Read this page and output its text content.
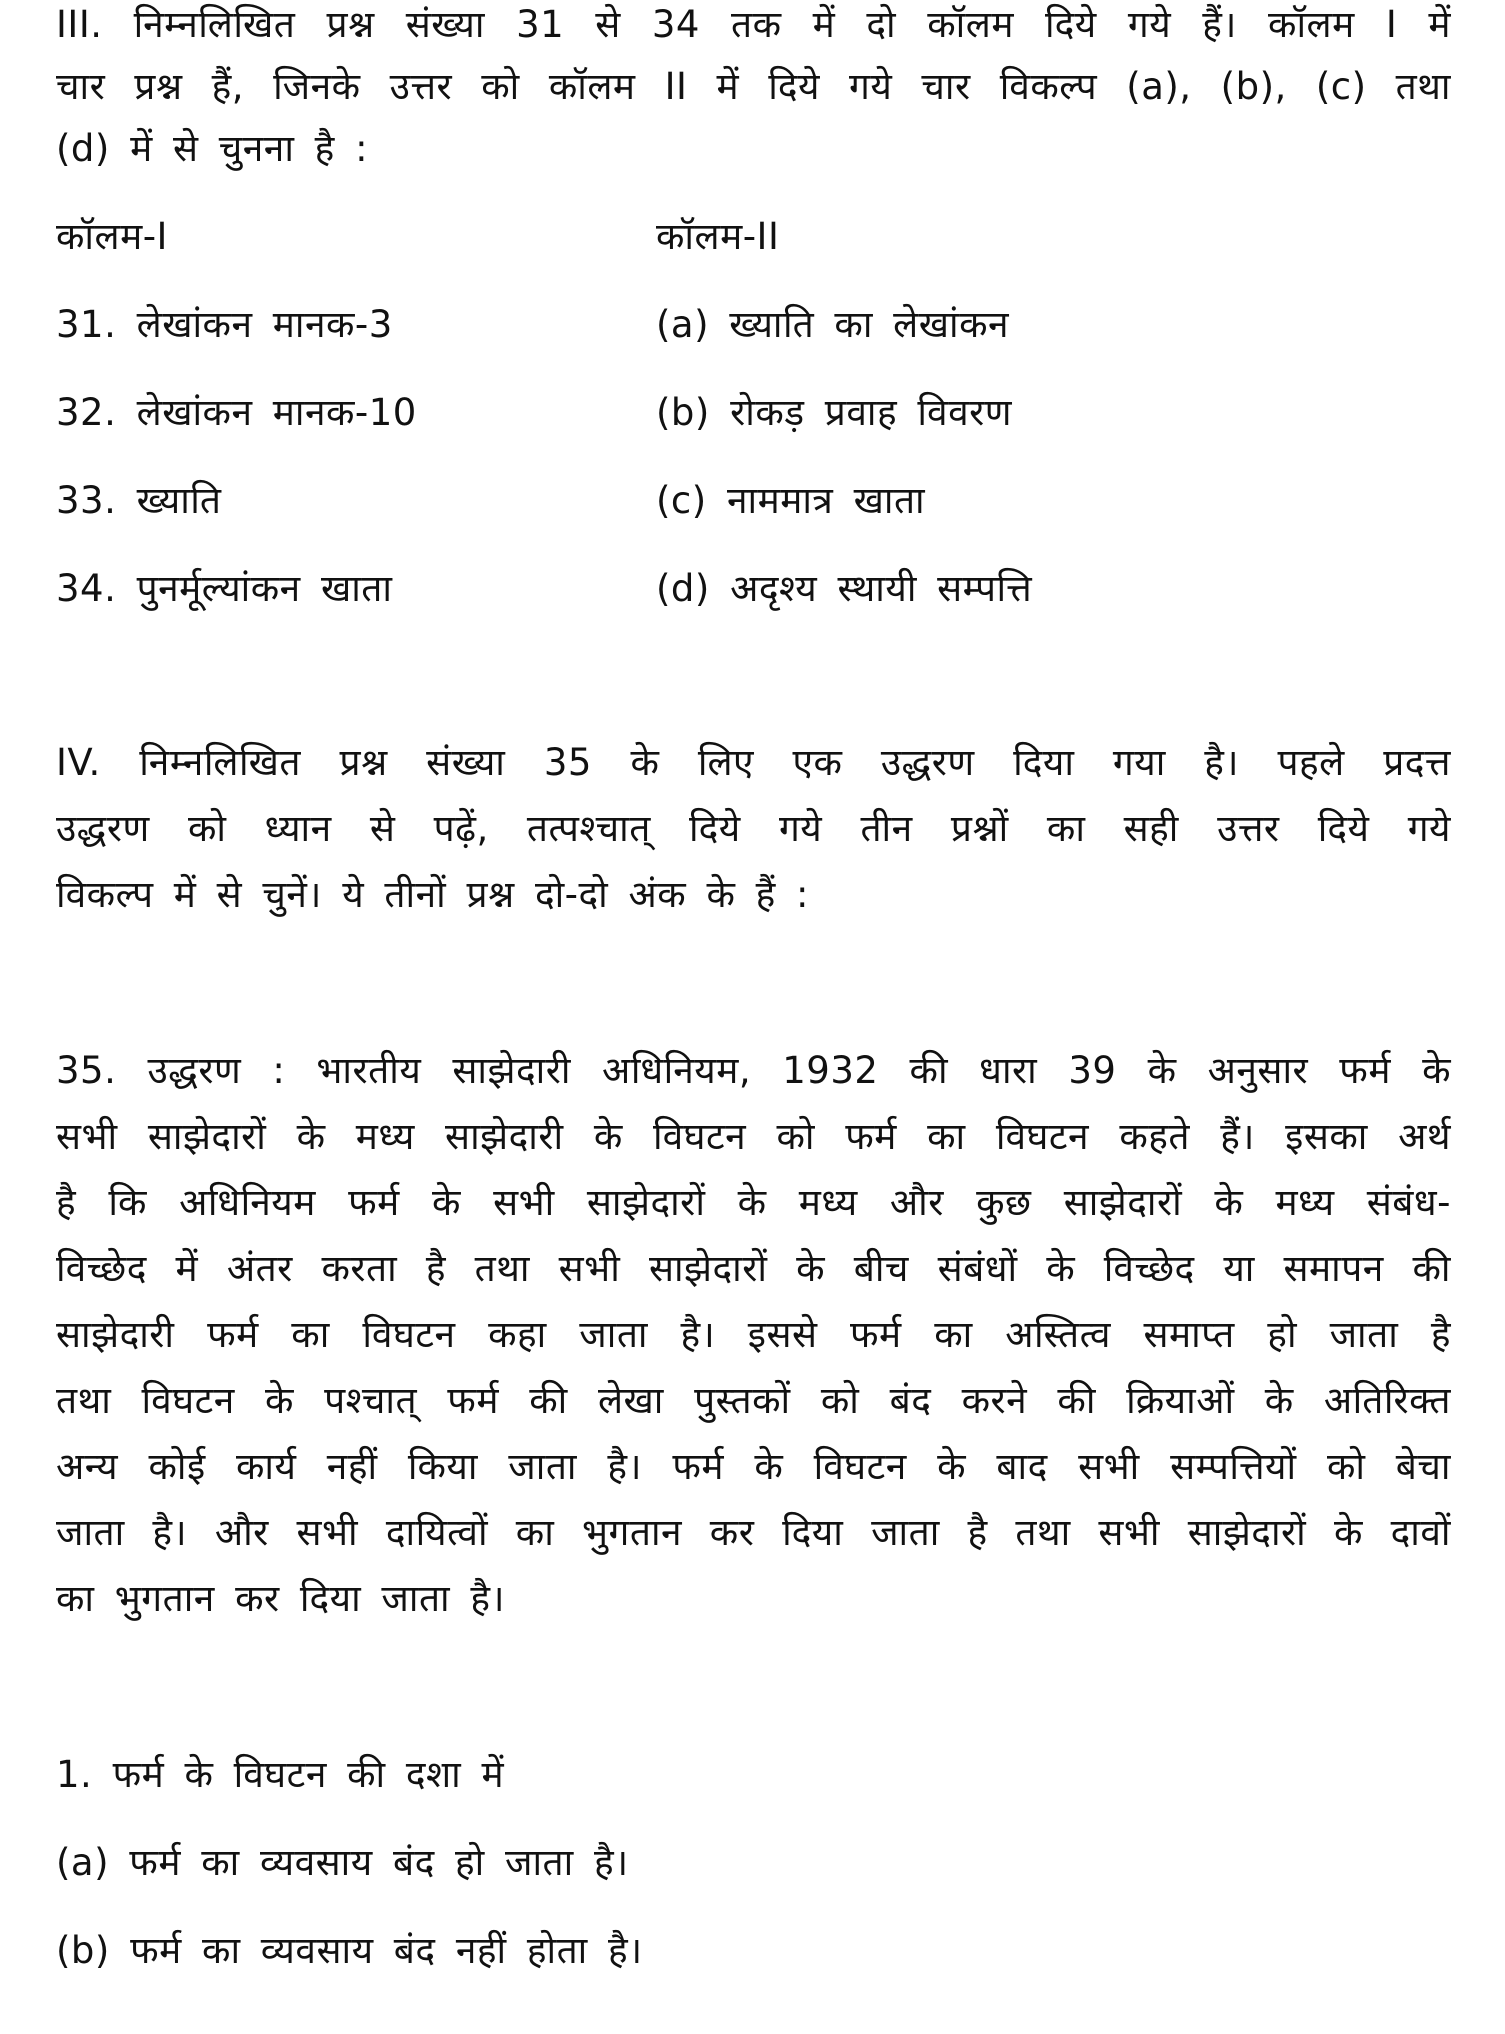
III. निम्नलिखित प्रश्न संख्या 31 से 34 तक में दो कॉलम दिये गये हैं। कॉलम I में
चार प्रश्न हैं, जिनके उत्तर को कॉलम II में दिये गये चार विकल्प (a), (b), (c) तथा
(d) में से चुनना है :
कॉलम-I	कॉलम-II
31. लेखांकन मानक-3	(a) ख्याति का लेखांकन
32. लेखांकन मानक-10	(b) रोकड़ प्रवाह विवरण
33. ख्याति	(c) नाममात्र खाता
34. पुनर्मूल्यांकन खाता	(d) अदृश्य स्थायी सम्पत्ति
IV. निम्नलिखित प्रश्न संख्या 35 के लिए एक उद्धरण दिया गया है। पहले प्रदत्त
उद्धरण को ध्यान से पढ़ें, तत्पश्चात् दिये गये तीन प्रश्नों का सही उत्तर दिये गये
विकल्प में से चुनें। ये तीनों प्रश्न दो-दो अंक के हैं :
35. उद्धरण : भारतीय साझेदारी अधिनियम, 1932 की धारा 39 के अनुसार फर्म के
सभी साझेदारों के मध्य साझेदारी के विघटन को फर्म का विघटन कहते हैं। इसका अर्थ
है कि अधिनियम फर्म के सभी साझेदारों के मध्य और कुछ साझेदारों के मध्य संबंध-
विच्छेद में अंतर करता है तथा सभी साझेदारों के बीच संबंधों के विच्छेद या समापन की
साझेदारी फर्म का विघटन कहा जाता है। इससे फर्म का अस्तित्व समाप्त हो जाता है
तथा विघटन के पश्चात् फर्म की लेखा पुस्तकों को बंद करने की क्रियाओं के अतिरिक्त
अन्य कोई कार्य नहीं किया जाता है। फर्म के विघटन के बाद सभी सम्पत्तियों को बेचा
जाता है। और सभी दायित्वों का भुगतान कर दिया जाता है तथा सभी साझेदारों के दावों
का भुगतान कर दिया जाता है।
1. फर्म के विघटन की दशा में
(a) फर्म का व्यवसाय बंद हो जाता है।
(b) फर्म का व्यवसाय बंद नहीं होता है।
